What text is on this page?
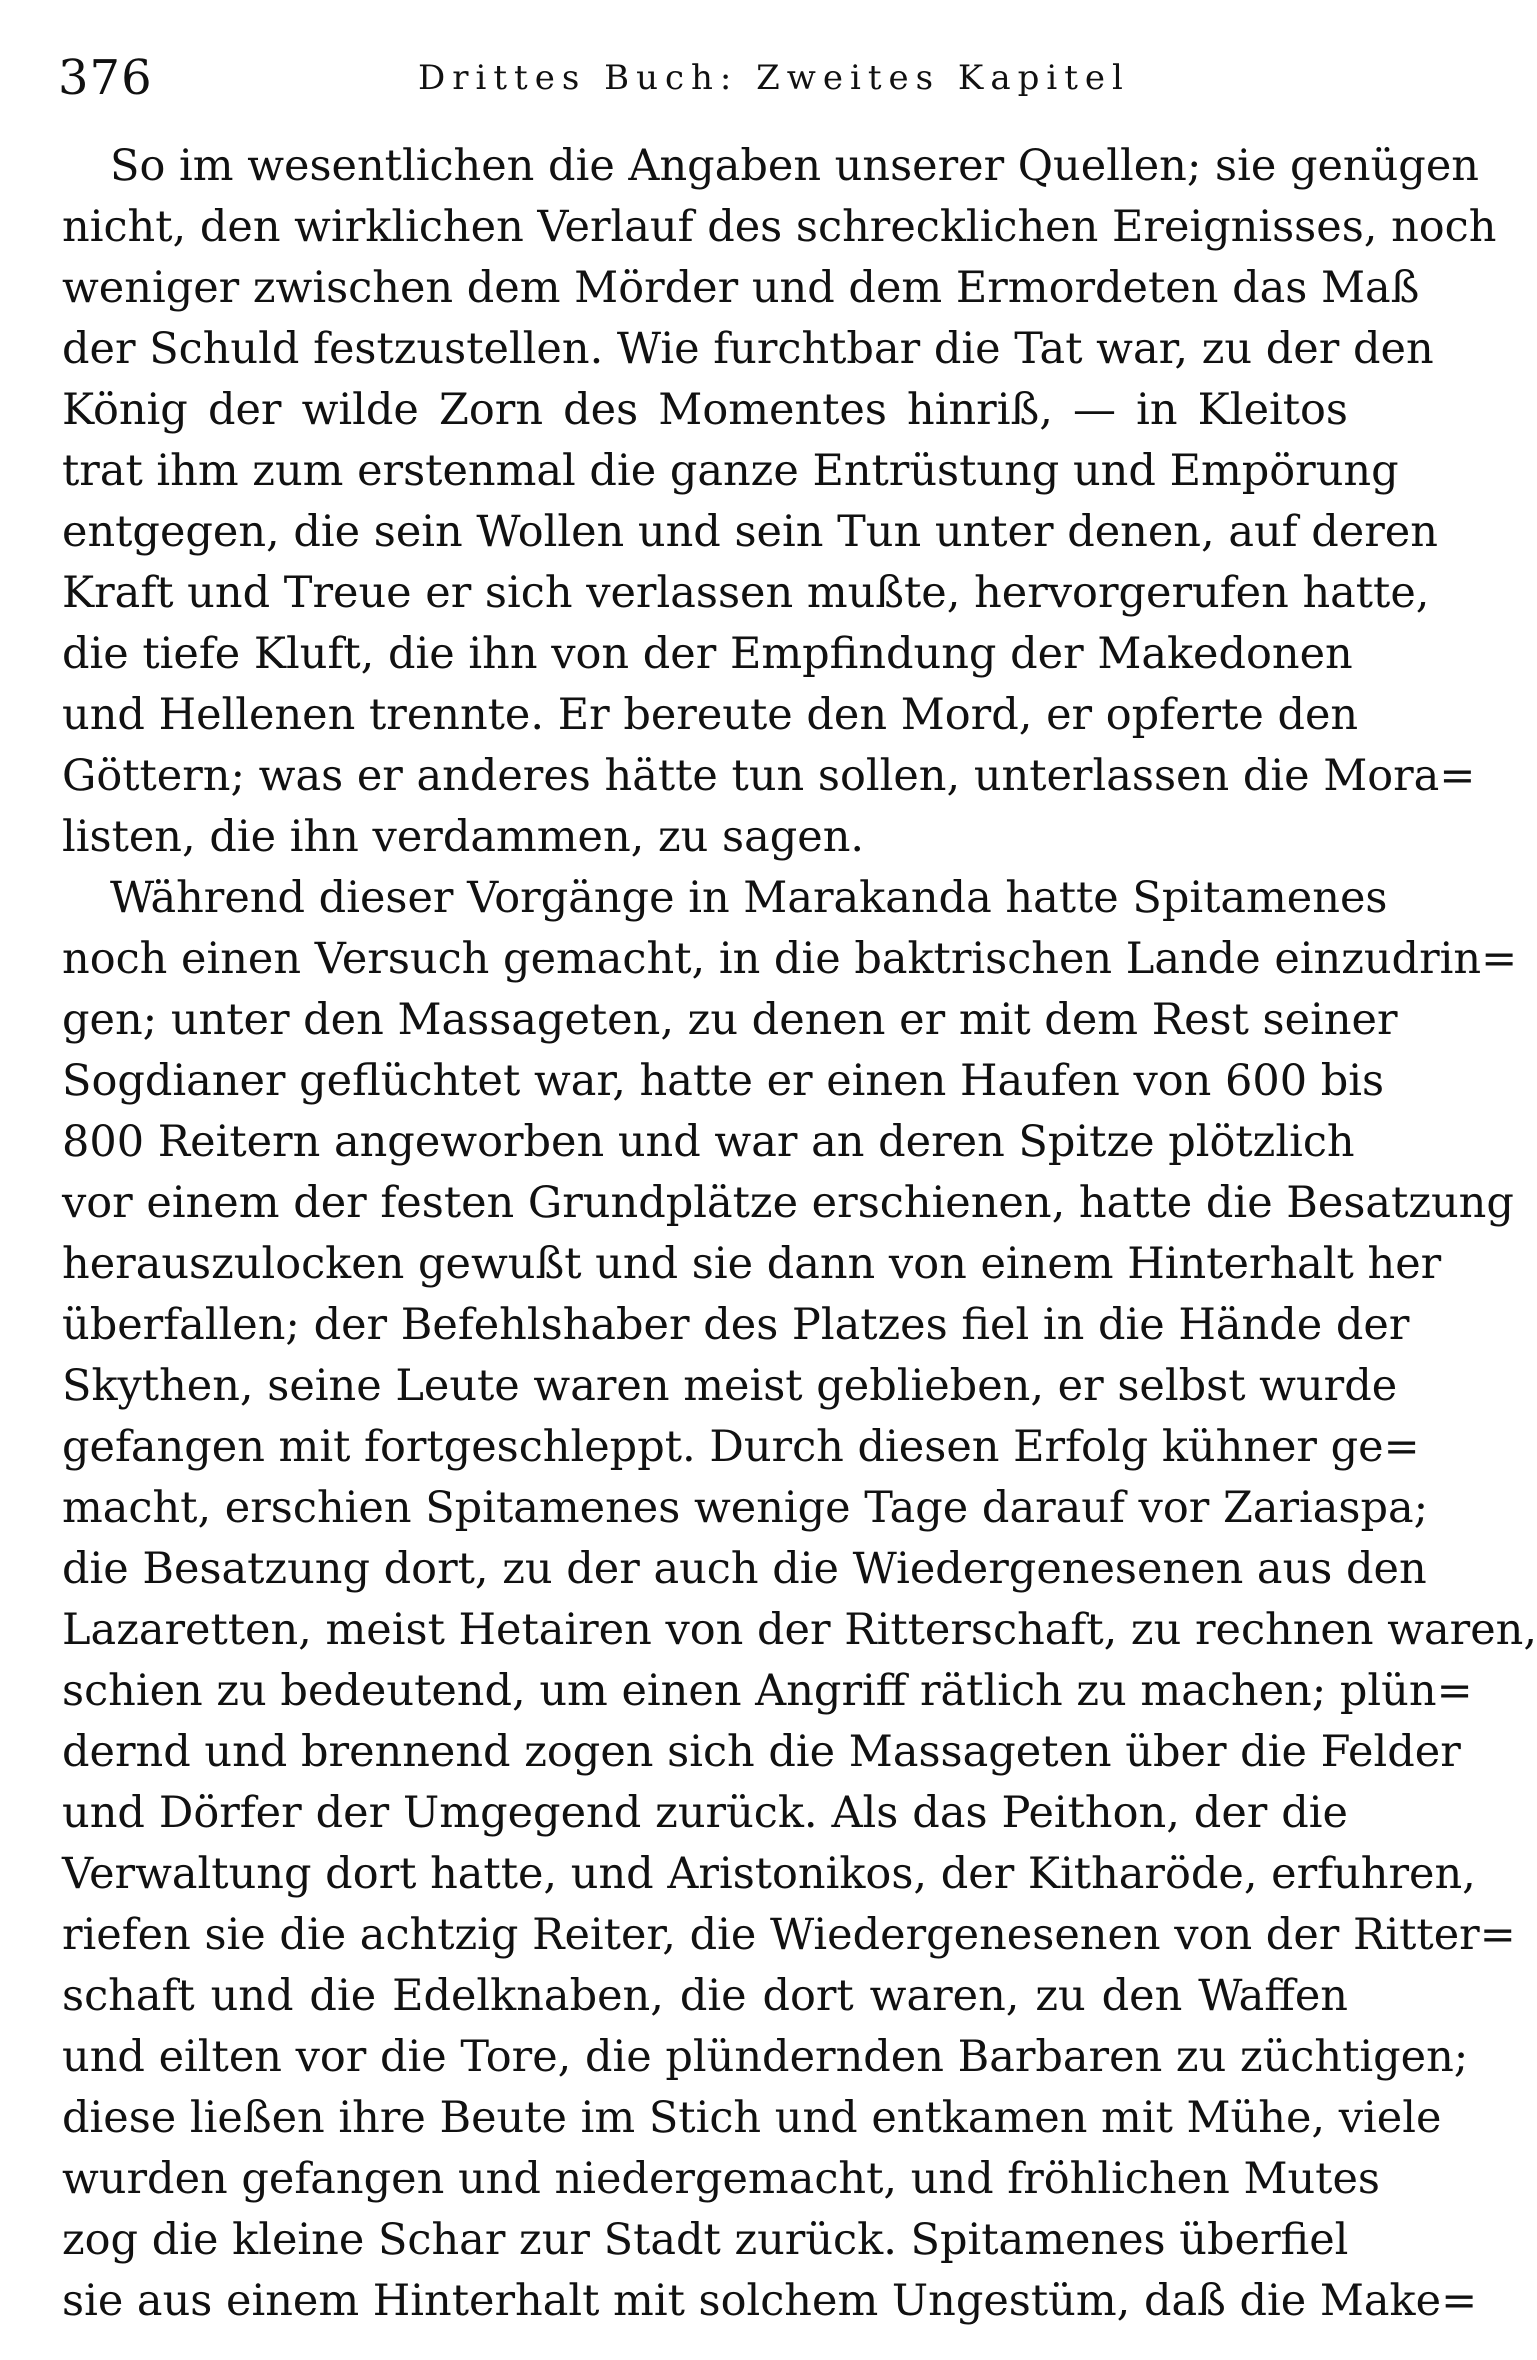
376	Drittes Buch: Zweites Kapitel
So im wesentlichen die Angaben unserer Quellen; sie genügen
nicht, den wirklichen Verlauf des schrecklichen Ereignisses, noch
weniger zwischen dem Mörder und dem Ermordeten das Maß
der Schuld festzustellen. Wie furchtbar die Tat war, zu der den
König der wilde Zorn des Momentes hinriß, — in Kleitos
trat ihm zum erstenmal die ganze Entrüstung und Empörung
entgegen, die sein Wollen und sein Tun unter denen, auf deren
Kraft und Treue er sich verlassen mußte, hervorgerufen hatte,
die tiefe Kluft, die ihn von der Empfindung der Makedonen
und Hellenen trennte. Er bereute den Mord, er opferte den
Göttern; was er anderes hätte tun sollen, unterlassen die Mora=
listen, die ihn verdammen, zu sagen.
Während dieser Vorgänge in Marakanda hatte Spitamenes
noch einen Versuch gemacht, in die baktrischen Lande einzudrin=
gen; unter den Massageten, zu denen er mit dem Rest seiner
Sogdianer geflüchtet war, hatte er einen Haufen von 600 bis
800 Reitern angeworben und war an deren Spitze plötzlich
vor einem der festen Grundplätze erschienen, hatte die Besatzung
herauszulocken gewußt und sie dann von einem Hinterhalt her
überfallen; der Befehlshaber des Platzes fiel in die Hände der
Skythen, seine Leute waren meist geblieben, er selbst wurde
gefangen mit fortgeschleppt. Durch diesen Erfolg kühner ge=
macht, erschien Spitamenes wenige Tage darauf vor Zariaspa;
die Besatzung dort, zu der auch die Wiedergenesenen aus den
Lazaretten, meist Hetairen von der Ritterschaft, zu rechnen waren,
schien zu bedeutend, um einen Angriff rätlich zu machen; plün=
dernd und brennend zogen sich die Massageten über die Felder
und Dörfer der Umgegend zurück. Als das Peithon, der die
Verwaltung dort hatte, und Aristonikos, der Kitharöde, erfuhren,
riefen sie die achtzig Reiter, die Wiedergenesenen von der Ritter=
schaft und die Edelknaben, die dort waren, zu den Waffen
und eilten vor die Tore, die plündernden Barbaren zu züchtigen;
diese ließen ihre Beute im Stich und entkamen mit Mühe, viele
wurden gefangen und niedergemacht, und fröhlichen Mutes
zog die kleine Schar zur Stadt zurück. Spitamenes überfiel
sie aus einem Hinterhalt mit solchem Ungestüm, daß die Make=
